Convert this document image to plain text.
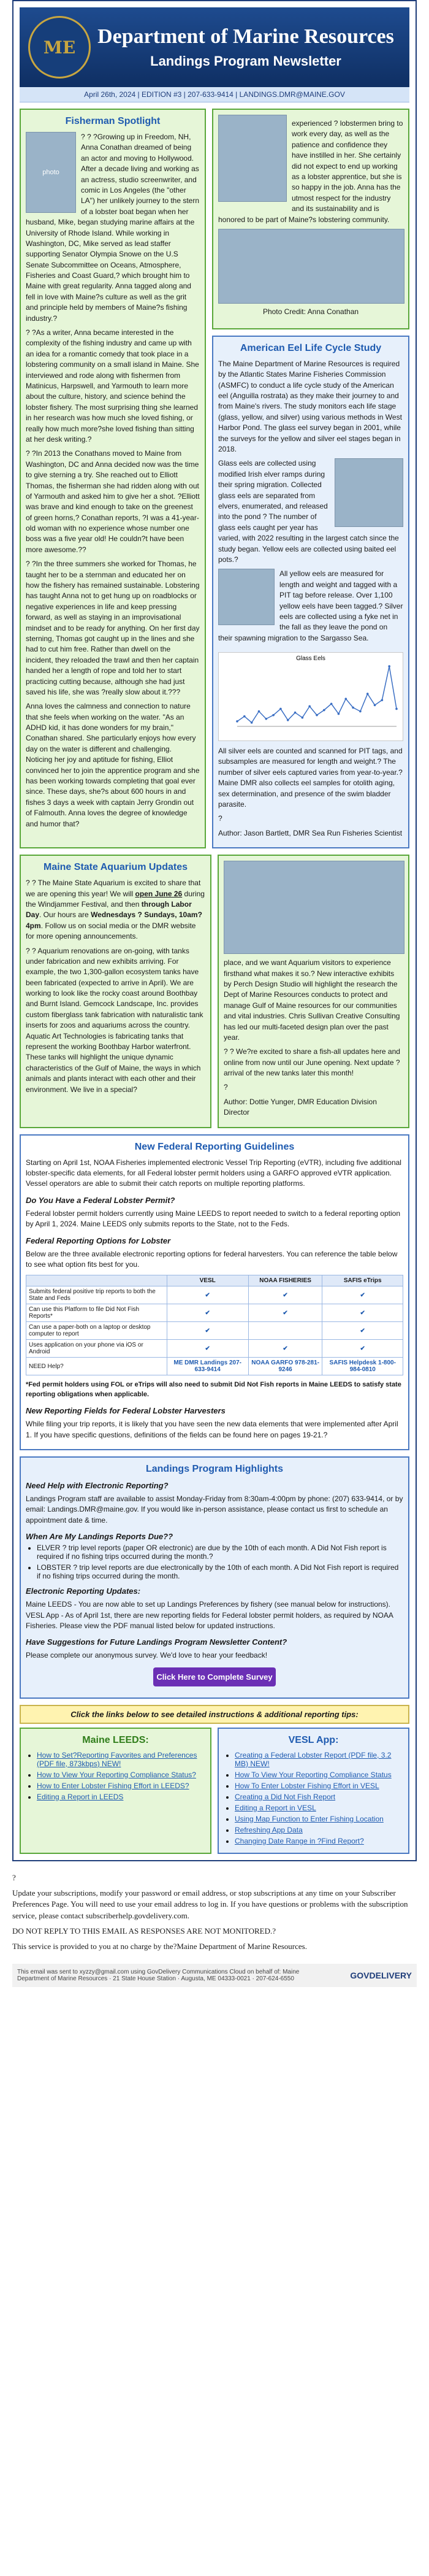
ME	Department of Marine Resources
Landings Program Newsletter
April 26th, 2024 | EDITION #3 | 207-633-9414 | LANDINGS.DMR@MAINE.GOV
Fisherman Spotlight
photo

? ? ?Growing up in Freedom, NH, Anna Conathan dreamed of being an actor and moving to Hollywood. After a decade living and working as an actress, studio screenwriter, and comic in Los Angeles (the "other LA") her unlikely journey to the stern of a lobster boat began when her husband, Mike, began studying marine affairs at the University of Rhode Island. While working in Washington, DC, Mike served as lead staffer supporting Senator Olympia Snowe on the U.S Senate Subcommittee on Oceans, Atmosphere, Fisheries and Coast Guard,? which brought him to Maine with great regularity. Anna tagged along and fell in love with Maine?s culture as well as the grit and principle held by members of Maine?s fishing industry.?

? ?As a writer, Anna became interested in the complexity of the fishing industry and came up with an idea for a romantic comedy that took place in a lobstering community on a small island in Maine. She interviewed and rode along with fishermen from Matinicus, Harpswell, and Yarmouth to learn more about the culture, history, and science behind the lobster fishery. The most surprising thing she learned in her research was how much she loved fishing, or really how much more?she loved fishing than sitting at her desk writing.?

? ?In 2013 the Conathans moved to Maine from Washington, DC and Anna decided now was the time to give sterning a try. She reached out to Elliott Thomas, the fisherman she had ridden along with out of Yarmouth and asked him to give her a shot. ?Elliott was brave and kind enough to take on the greenest of green horns,? Conathan reports, ?I was a 41-year-old woman with no experience whose number one boss was a five year old! He couldn?t have been more awesome.??

? ?In the three summers she worked for Thomas, he taught her to be a sternman and educated her on how the fishery has remained sustainable. Lobstering has taught Anna not to get hung up on roadblocks or negative experiences in life and keep pressing forward, as well as staying in an improvisational mindset and to be ready for anything. On her first day sterning, Thomas got caught up in the lines and she had to cut him free. Rather than dwell on the incident, they reloaded the trawl and then her captain handed her a length of rope and told her to start practicing cutting because, although she had just saved his life, she was ?really slow about it.???

Anna loves the calmness and connection to nature that she feels when working on the water. "As an ADHD kid, it has done wonders for my brain," Conathan shared. She particularly enjoys how every day on the water is different and challenging. Noticing her joy and aptitude for fishing, Elliot convinced her to join the apprentice program and she has been working towards completing that goal ever since. These days, she?s about 600 hours in and fishes 3 days a week with captain Jerry Grondin out of Falmouth. Anna loves the degree of knowledge and humor that?

experienced ? lobstermen bring to work every day, as well as the patience and confidence they have instilled in her. She certainly did not expect to end up working as a lobster apprentice, but she is so happy in the job. Anna has the utmost respect for the industry and its sustainability and is honored to be part of Maine?s lobstering community.

Photo Credit: Anna Conathan
American Eel Life Cycle Study

The Maine Department of Marine Resources is required by the Atlantic States Marine Fisheries Commission (ASMFC) to conduct a life cycle study of the American eel (Anguilla rostrata) as they make their journey to and from Maine's rivers. The study monitors each life stage (glass, yellow, and silver) using various methods in West Harbor Pond. The glass eel survey began in 2001, while the surveys for the yellow and silver eel stages began in 2018.

Glass eels are collected using modified Irish elver ramps during their spring migration. Collected glass eels are separated from elvers, enumerated, and released into the pond ? The number of glass eels caught per year has varied, with 2022 resulting in the largest catch since the study began. Yellow eels are collected using baited eel pots.?

All yellow eels are measured for length and weight and tagged with a PIT tag before release. Over 1,100 yellow eels have been tagged.? Silver eels are collected using a fyke net in the fall as they leave the pond on their spawning migration to the Sargasso Sea.

Glass Eels

All silver eels are counted and scanned for PIT tags, and subsamples are measured for length and weight.? The number of silver eels captured varies from year-to-year.? Maine DMR also collects eel samples for otolith aging, sex determination, and presence of the swim bladder parasite.

?

Author: Jason Bartlett, DMR Sea Run Fisheries Scientist

Maine State Aquarium Updates

? ? The Maine State Aquarium is excited to share that we are opening this year! We will open June 26 during the Windjammer Festival, and then through Labor Day. Our hours are Wednesdays ? Sundays, 10am?4pm. Follow us on social media or the DMR website for more opening announcements.

? ? Aquarium renovations are on-going, with tanks under fabrication and new exhibits arriving. For example, the two 1,300-gallon ecosystem tanks have been fabricated (expected to arrive in April). We are working to look like the rocky coast around Boothbay and Burnt Island. Gemcock Landscape, Inc. provides custom fiberglass tank fabrication with naturalistic tank inserts for zoos and aquariums across the country. Aquatic Art Technologies is fabricating tanks that represent the working Boothbay Harbor waterfront. These tanks will highlight the unique dynamic characteristics of the Gulf of Maine, the ways in which animals and plants interact with each other and their environment. We live in a special?

place, and we want Aquarium visitors to experience firsthand what makes it so.? New interactive exhibits by Perch Design Studio will highlight the research the Dept of Marine Resources conducts to protect and manage Gulf of Maine resources for our communities and vital industries. Chris Sullivan Creative Consulting has led our multi-faceted design plan over the past year.

? ? We?re excited to share a fish-all updates here and online from now until our June opening. Next update ? arrival of the new tanks later this month!

?

Author: Dottie Yunger, DMR Education Division Director

New Federal Reporting Guidelines

Starting on April 1st, NOAA Fisheries implemented electronic Vessel Trip Reporting (eVTR), including five additional lobster-specific data elements, for all Federal lobster permit holders using a GARFO approved eVTR application. Vessel operators are able to submit their catch reports on multiple reporting platforms.

Do You Have a Federal Lobster Permit?

Federal lobster permit holders currently using Maine LEEDS to report needed to switch to a federal reporting option by April 1, 2024. Maine LEEDS only submits reports to the State, not to the Feds.

Federal Reporting Options for Lobster

Below are the three available electronic reporting options for federal harvesters. You can reference the table below to see what option fits best for you.

	VESL	NOAA FISHERIES	SAFIS eTrips
Submits federal positive trip reports to both the State and Feds	✔	✔	✔
Can use this Platform to file Did Not Fish Reports*	✔	✔	✔
Can use a paper-both on a laptop or desktop computer to report	✔		✔
Uses application on your phone via iOS or Android	✔	✔	✔
NEED Help?	ME DMR Landings 207-633-9414	NOAA GARFO 978-281-9246	SAFIS Helpdesk 1-800-984-0810

*Fed permit holders using FOL or eTrips will also need to submit Did Not Fish reports in Maine LEEDS to satisfy state reporting obligations when applicable.

New Reporting Fields for Federal Lobster Harvesters

While filing your trip reports, it is likely that you have seen the new data elements that were implemented after April 1. If you have specific questions, definitions of the fields can be found here on pages 19-21.?

Landings Program Highlights
Need Help with Electronic Reporting?

Landings Program staff are available to assist Monday-Friday from 8:30am-4:00pm by phone: (207) 633-9414, or by email: Landings.DMR@maine.gov. If you would like in-person assistance, please contact us first to schedule an appointment date & time.

When Are My Landings Reports Due??
• ELVER ? trip level reports (paper OR electronic) are due by the 10th of each month. A Did Not Fish report is required if no fishing trips occurred during the month.?
• LOBSTER ? trip level reports are due electronically by the 10th of each month. A Did Not Fish report is required if no fishing trips occurred during the month.
Electronic Reporting Updates:

Maine LEEDS - You are now able to set up Landings Preferences by fishery (see manual below for instructions). VESL App - As of April 1st, there are new reporting fields for Federal lobster permit holders, as required by NOAA Fisheries. Please view the PDF manual listed below for updated instructions.

Have Suggestions for Future Landings Program Newsletter Content?

Please complete our anonymous survey. We'd love to hear your feedback!

Click Here to Complete Survey
Click the links below to see detailed instructions & additional reporting tips:
Maine LEEDS:
• How to Set?Reporting Favorites and Preferences (PDF file, 873kbps) NEW!
• How to View Your Reporting Compliance Status?
• How to Enter Lobster Fishing Effort in LEEDS?
• Editing a Report in LEEDS
VESL App:
• Creating a Federal Lobster Report (PDF file, 3.2 MB) NEW!
• How To View Your Reporting Compliance Status
• How To Enter Lobster Fishing Effort in VESL
• Creating a Did Not Fish Report
• Editing a Report in VESL
• Using Map Function to Enter Fishing Location
• Refreshing App Data
• Changing Date Range in ?Find Report?

?

Update your subscriptions, modify your password or email address, or stop subscriptions at any time on your Subscriber Preferences Page. You will need to use your email address to log in. If you have questions or problems with the subscription service, please contact subscriberhelp.govdelivery.com.

DO NOT REPLY TO THIS EMAIL AS RESPONSES ARE NOT MONITORED.?

This service is provided to you at no charge by the?Maine Department of Marine Resources.

This email was sent to xyzzy@gmail.com using GovDelivery Communications Cloud on behalf of: Maine Department of Marine Resources · 21 State House Station · Augusta, ME 04333-0021 · 207-624-6550	GOVDELIVERY
